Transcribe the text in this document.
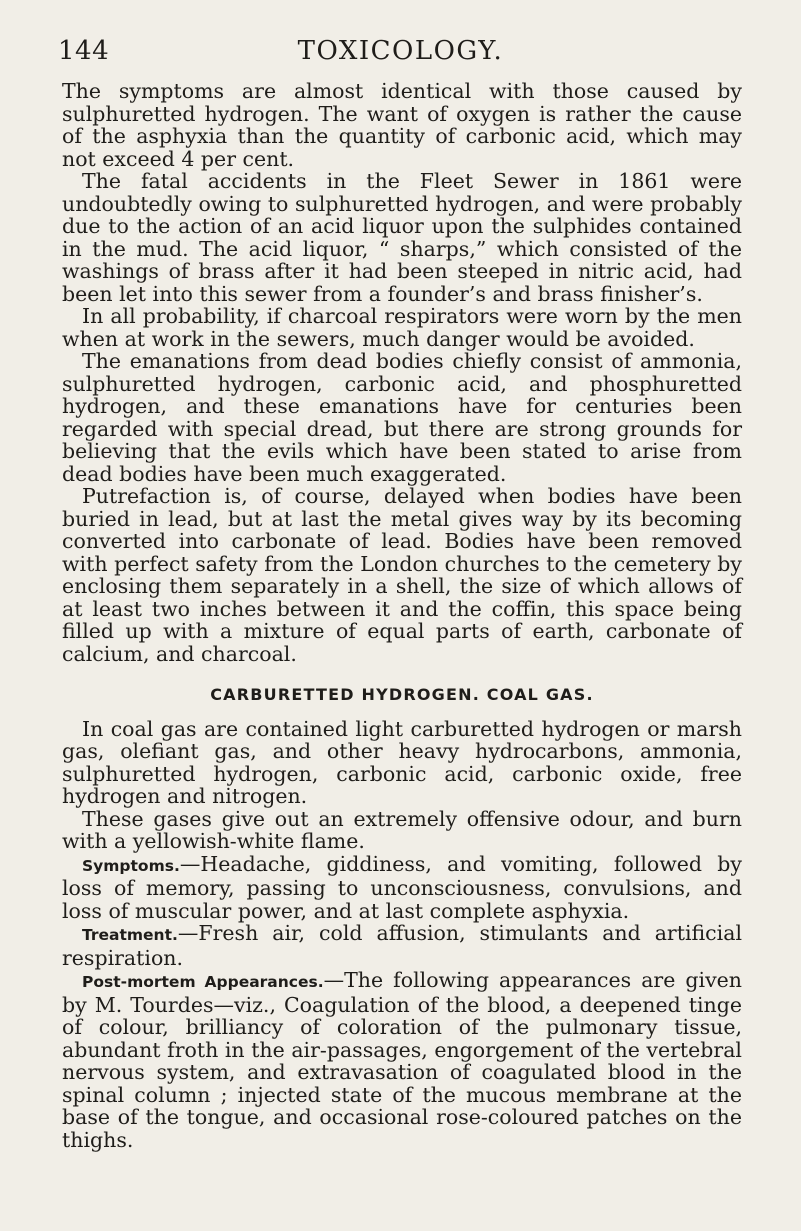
144	TOXICOLOGY.

The symptoms are almost identical with those caused by sulphuretted hydrogen. The want of oxygen is rather the cause of the asphyxia than the quantity of carbonic acid, which may not exceed 4 per cent.

The fatal accidents in the Fleet Sewer in 1861 were undoubtedly owing to sulphuretted hydrogen, and were probably due to the action of an acid liquor upon the sulphides contained in the mud. The acid liquor, “ sharps,” which consisted of the washings of brass after it had been steeped in nitric acid, had been let into this sewer from a founder’s and brass finisher’s.

In all probability, if charcoal respirators were worn by the men when at work in the sewers, much danger would be avoided.

The emanations from dead bodies chiefly consist of ammonia, sulphuretted hydrogen, carbonic acid, and phosphuretted hydrogen, and these emanations have for centuries been regarded with special dread, but there are strong grounds for believing that the evils which have been stated to arise from dead bodies have been much exaggerated.

Putrefaction is, of course, delayed when bodies have been buried in lead, but at last the metal gives way by its becoming converted into carbonate of lead. Bodies have been removed with perfect safety from the London churches to the cemetery by enclosing them separately in a shell, the size of which allows of at least two inches between it and the coffin, this space being filled up with a mixture of equal parts of earth, carbonate of calcium, and charcoal.

CARBURETTED HYDROGEN. COAL GAS.

In coal gas are contained light carburetted hydrogen or marsh gas, olefiant gas, and other heavy hydrocarbons, ammonia, sulphuretted hydrogen, carbonic acid, carbonic oxide, free hydrogen and nitrogen.

These gases give out an extremely offensive odour, and burn with a yellowish-white flame.

Symptoms.—Headache, giddiness, and vomiting, followed by loss of memory, passing to unconsciousness, convulsions, and loss of muscular power, and at last complete asphyxia.

Treatment.—Fresh air, cold affusion, stimulants and artificial respiration.

Post-mortem Appearances.—The following appearances are given by M. Tourdes—viz., Coagulation of the blood, a deepened tinge of colour, brilliancy of coloration of the pulmonary tissue, abundant froth in the air-passages, engorgement of the vertebral nervous system, and extravasation of coagulated blood in the spinal column ; injected state of the mucous membrane at the base of the tongue, and occasional rose-coloured patches on the thighs.
